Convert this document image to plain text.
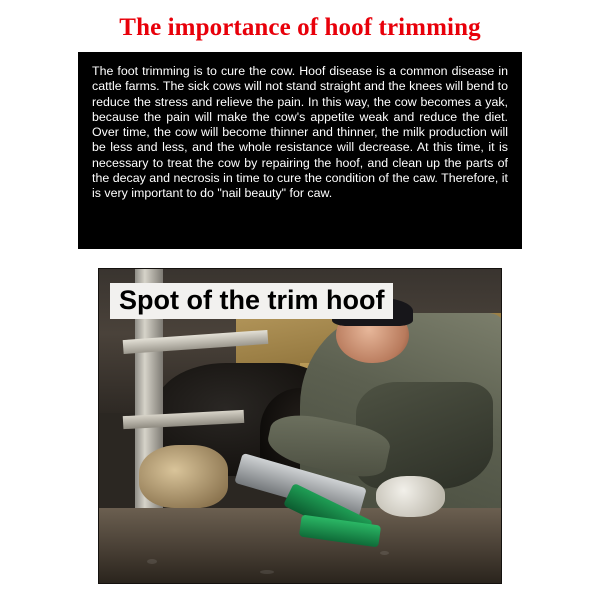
The importance of hoof trimming

The foot trimming is to cure the cow. Hoof disease is a common disease in cattle farms. The sick cows will not stand straight and the knees will bend to reduce the stress and relieve the pain. In this way, the cow becomes a yak, because the pain will make the cow's appetite weak and reduce the diet. Over time, the cow will become thinner and thinner, the milk production will be less and less, and the whole resistance will decrease. At this time, it is necessary to treat the cow by repairing the hoof, and clean up the parts of the decay and necrosis in time to cure the condition of the caw. Therefore, it is very important to do "nail beauty" for caw.

Spot of the trim hoof
